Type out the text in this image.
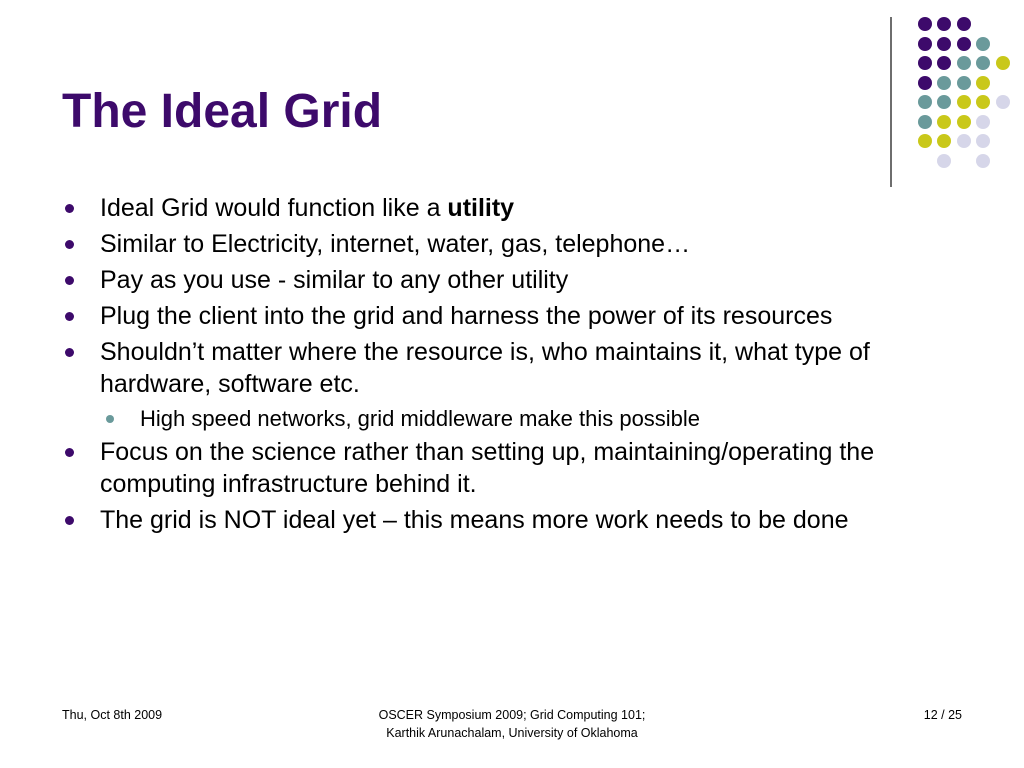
The Ideal Grid
Ideal Grid would function like a utility
Similar to Electricity, internet, water, gas, telephone…
Pay as you use - similar to any other utility
Plug the client into the grid and harness the power of its resources
Shouldn’t matter where the resource is, who maintains it, what type of hardware, software etc.
High speed networks, grid middleware make this possible
Focus on the science rather than setting up, maintaining/operating the computing infrastructure behind it.
The grid is NOT ideal yet – this means more work needs to be done
Thu, Oct 8th 2009	OSCER Symposium 2009; Grid Computing 101;
Karthik Arunachalam, University of Oklahoma
12 / 25
